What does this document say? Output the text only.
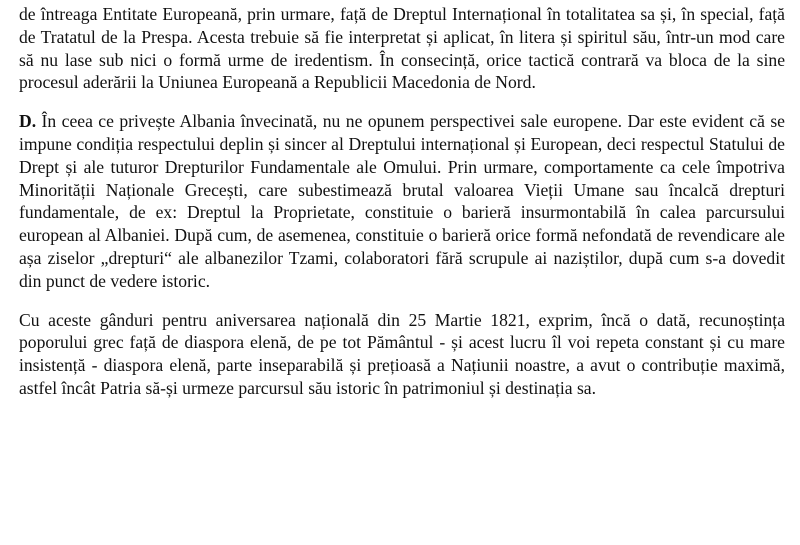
de întreaga Entitate Europeană, prin urmare, față de Dreptul Internațional în totalitatea sa și, în special, față de Tratatul de la Prespa. Acesta trebuie să fie interpretat și aplicat, în litera și spiritul său, într-un mod care să nu lase sub nici o formă urme de iredentism. În consecință, orice tactică contrară va bloca de la sine procesul aderării la Uniunea Europeană a Republicii Macedonia de Nord.

D. În ceea ce privește Albania învecinată, nu ne opunem perspectivei sale europene. Dar este evident că se impune condiția respectului deplin și sincer al Dreptului internațional și European, deci respectul Statului de Drept și ale tuturor Drepturilor Fundamentale ale Omului. Prin urmare, comportamente ca cele împotriva Minorității Naționale Grecești, care subestimează brutal valoarea Vieții Umane sau încalcă drepturi fundamentale, de ex: Dreptul la Proprietate, constituie o barieră insurmontabilă în calea parcursului european al Albaniei. După cum, de asemenea, constituie o barieră orice formă nefondată de revendicare ale așa ziselor „drepturi“ ale albanezilor Tzami, colaboratori fără scrupule ai naziștilor, după cum s-a dovedit din punct de vedere istoric.

Cu aceste gânduri pentru aniversarea națională din 25 Martie 1821, exprim, încă o dată, recunoștința poporului grec față de diaspora elenă, de pe tot Pământul - și acest lucru îl voi repeta constant și cu mare insistență - diaspora elenă, parte inseparabilă și prețioasă a Națiunii noastre, a avut o contribuție maximă, astfel încât Patria să-și urmeze parcursul său istoric în patrimoniul și destinația sa.
